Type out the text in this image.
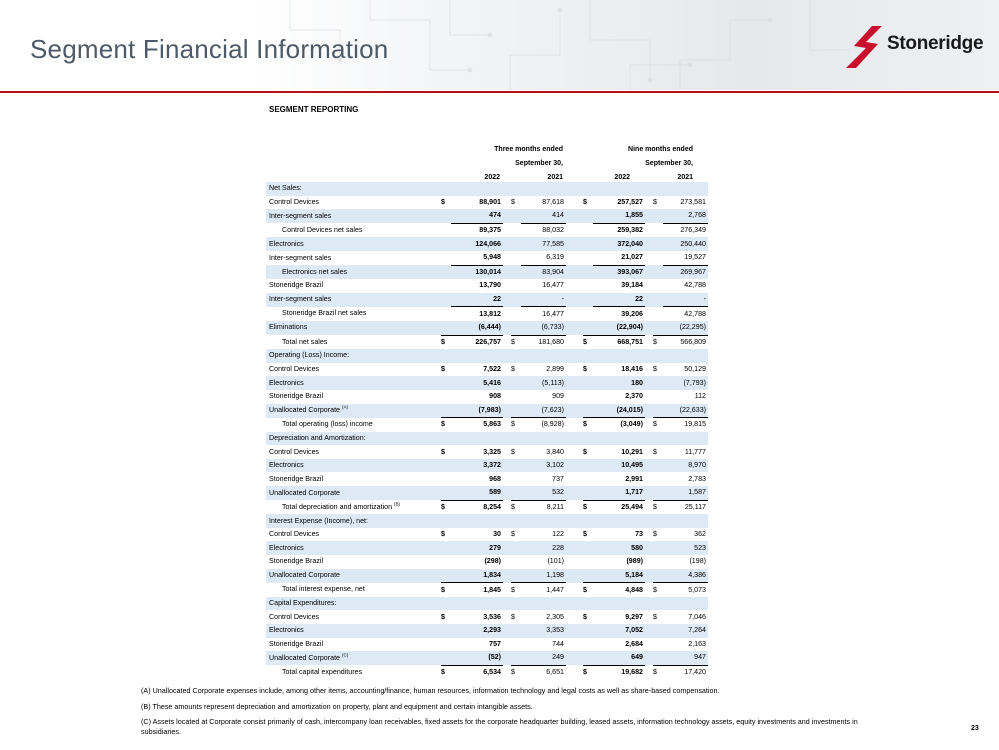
Segment Financial Information	Stoneridge
SEGMENT REPORTING
Three months ended
September 30,
Nine months ended
September 30,
2022	2021	2022	2021
Net Sales:											
Control Devices	$	88,901		$	87,618		$	257,527		$	273,581
Inter-segment sales		474			414			1,855			2,768
Control Devices net sales		89,375			88,032			259,382			276,349
Electronics		124,066			77,585			372,040			250,440
Inter-segment sales		5,948			6,319			21,027			19,527
Electronics net sales		130,014			83,904			393,067			269,967
Stoneridge Brazil		13,790			16,477			39,184			42,788
Inter-segment sales		22			-			22			-
Stoneridge Brazil net sales		13,812			16,477			39,206			42,788
Eliminations		(6,444)			(6,733)			(22,904)			(22,295)
Total net sales	$	226,757		$	181,680		$	668,751		$	566,809
Operating (Loss) Income:											
Control Devices	$	7,522		$	2,899		$	18,416		$	50,129
Electronics		5,416			(5,113)			180			(7,793)
Stoneridge Brazil		908			909			2,370			112
Unallocated Corporate $^{(A)}$		(7,983)			(7,623)			(24,015)			(22,633)
Total operating (loss) income	$	5,863		$	(8,928)		$	(3,049)		$	19,815
Depreciation and Amortization:											
Control Devices	$	3,325		$	3,840		$	10,291		$	11,777
Electronics		3,372			3,102			10,495			8,970
Stoneridge Brazil		968			737			2,991			2,783
Unallocated Corporate		589			532			1,717			1,587
Total depreciation and amortization $^{(B)}$	$	8,254		$	8,211		$	25,494		$	25,117
Interest Expense (Income), net:											
Control Devices	$	30		$	122		$	73		$	362
Electronics		279			228			580			523
Stoneridge Brazil		(298)			(101)			(989)			(198)
Unallocated Corporate		1,834			1,198			5,184			4,386
Total interest expense, net	$	1,845		$	1,447		$	4,848		$	5,073
Capital Expenditures:											
Control Devices	$	3,536		$	2,305		$	9,297		$	7,046
Electronics		2,293			3,353			7,052			7,264
Stoneridge Brazil		757			744			2,684			2,163
Unallocated Corporate $^{(C)}$		(52)			249			649			947
Total capital expenditures	$	6,534		$	6,651		$	19,682		$	17,420

(A) Unallocated Corporate expenses include, among other items, accounting/finance, human resources, information technology and legal costs as well as share-based compensation.

(B) These amounts represent depreciation and amortization on property, plant and equipment and certain intangible assets.

(C) Assets located at Corporate consist primarily of cash, intercompany loan receivables, fixed assets for the corporate headquarter building, leased assets, information technology assets, equity investments and investments in subsidiaries.	23
